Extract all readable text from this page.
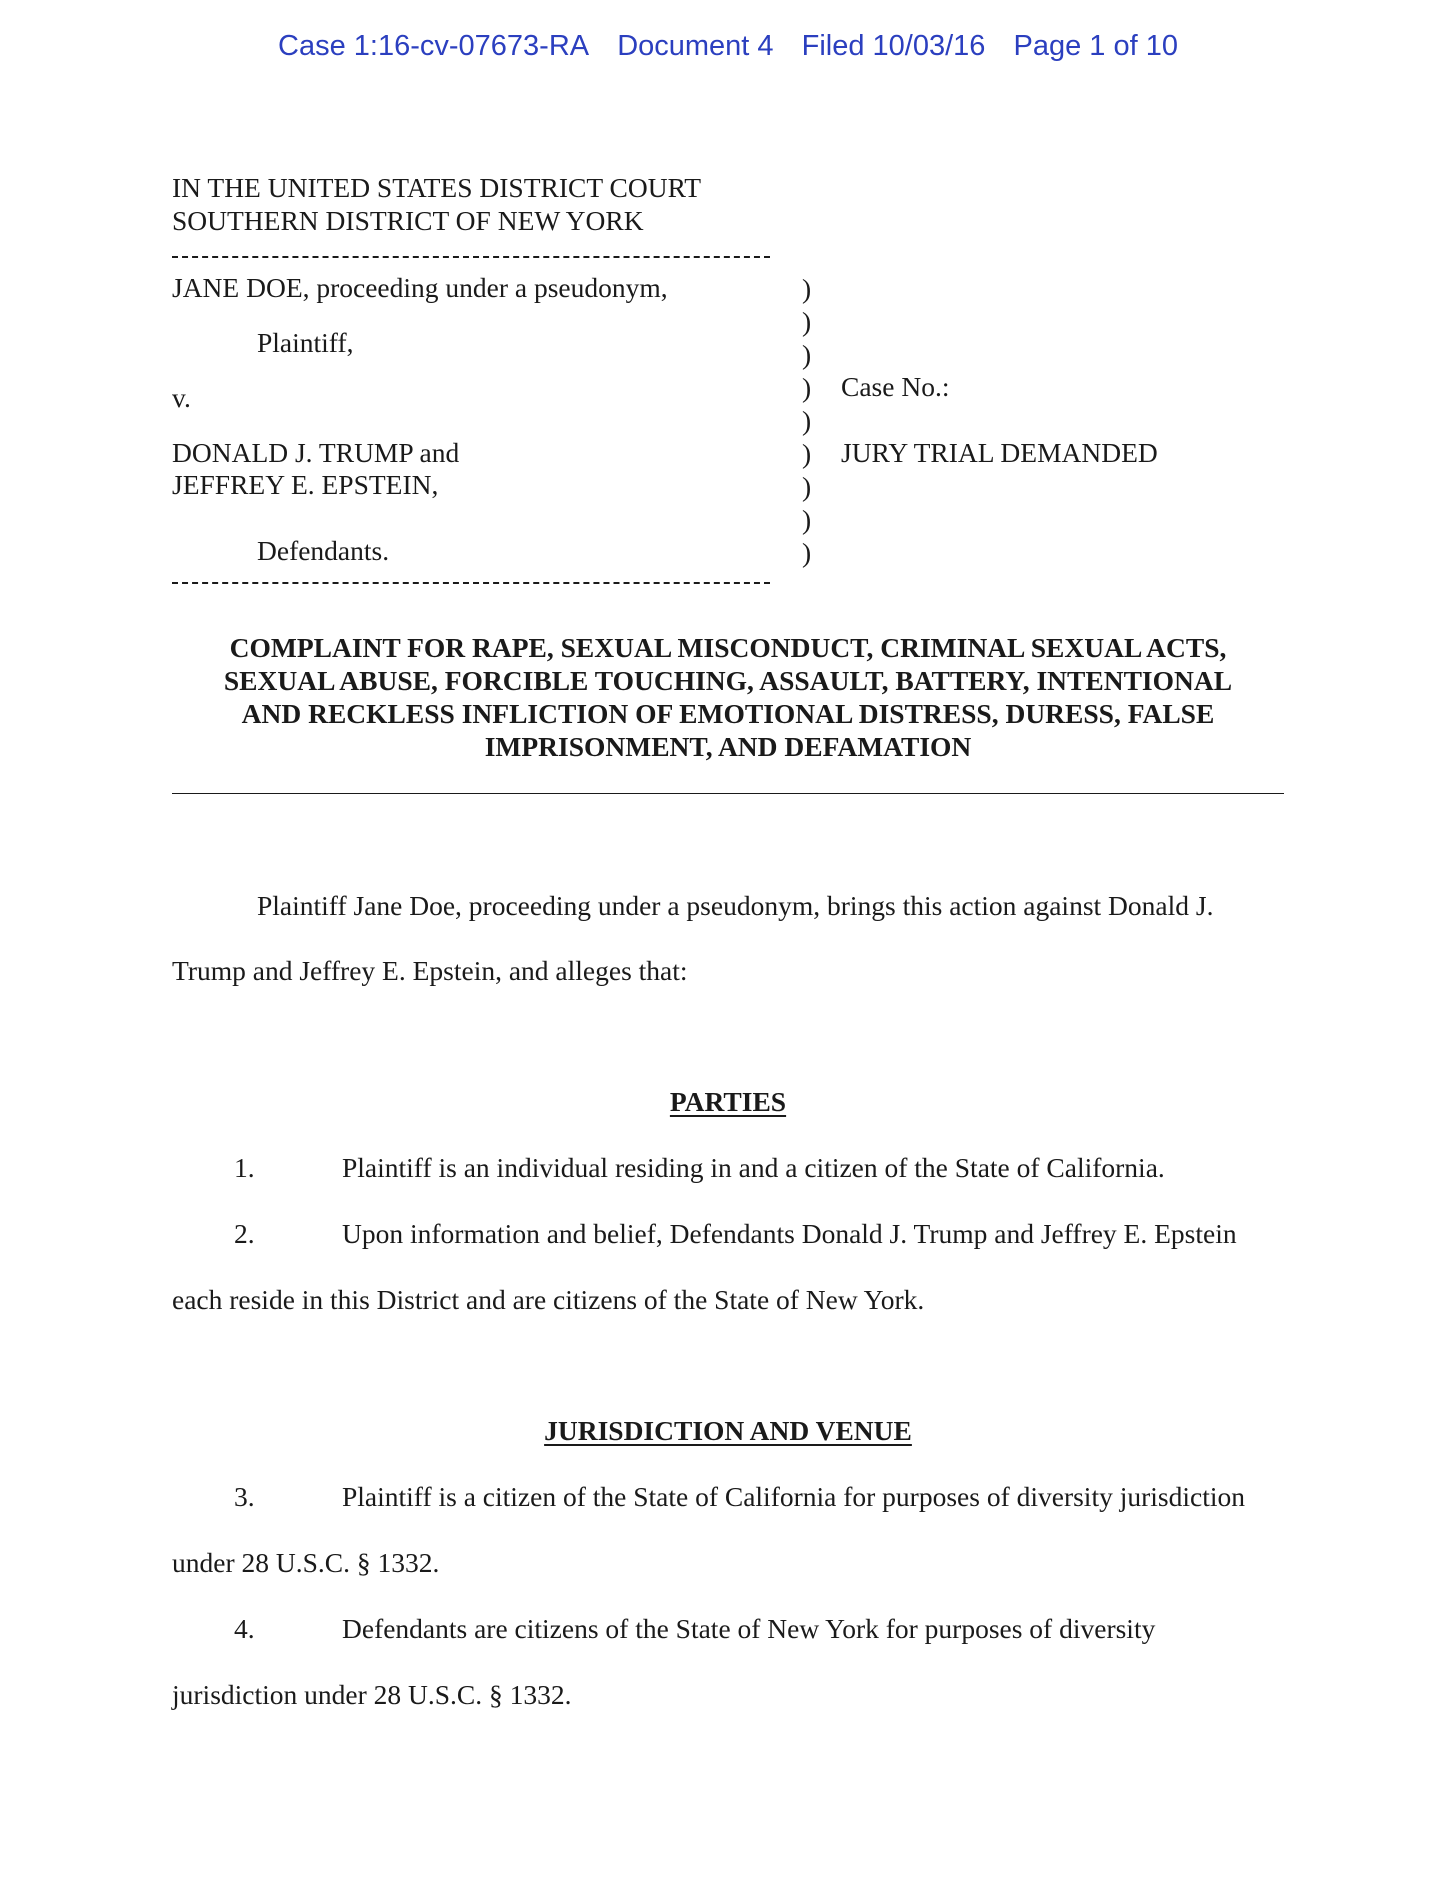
Case 1:16-cv-07673-RA Document 4 Filed 10/03/16 Page 1 of 10
IN THE UNITED STATES DISTRICT COURT
SOUTHERN DISTRICT OF NEW YORK
JANE DOE, proceeding under a pseudonym,
Plaintiff,
v.
DONALD J. TRUMP and
JEFFREY E. EPSTEIN,
Defendants.
)
)
)
)
)
)
)
)
)
Case No.:
JURY TRIAL DEMANDED
COMPLAINT FOR RAPE, SEXUAL MISCONDUCT, CRIMINAL SEXUAL ACTS,
SEXUAL ABUSE, FORCIBLE TOUCHING, ASSAULT, BATTERY, INTENTIONAL
AND RECKLESS INFLICTION OF EMOTIONAL DISTRESS, DURESS, FALSE
IMPRISONMENT, AND DEFAMATION
Plaintiff Jane Doe, proceeding under a pseudonym, brings this action against Donald J.
Trump and Jeffrey E. Epstein, and alleges that:
PARTIES
1.	Plaintiff is an individual residing in and a citizen of the State of California.
2.	Upon information and belief, Defendants Donald J. Trump and Jeffrey E. Epstein
each reside in this District and are citizens of the State of New York.
JURISDICTION AND VENUE
3.	Plaintiff is a citizen of the State of California for purposes of diversity jurisdiction
under 28 U.S.C. § 1332.
4.	Defendants are citizens of the State of New York for purposes of diversity
jurisdiction under 28 U.S.C. § 1332.
